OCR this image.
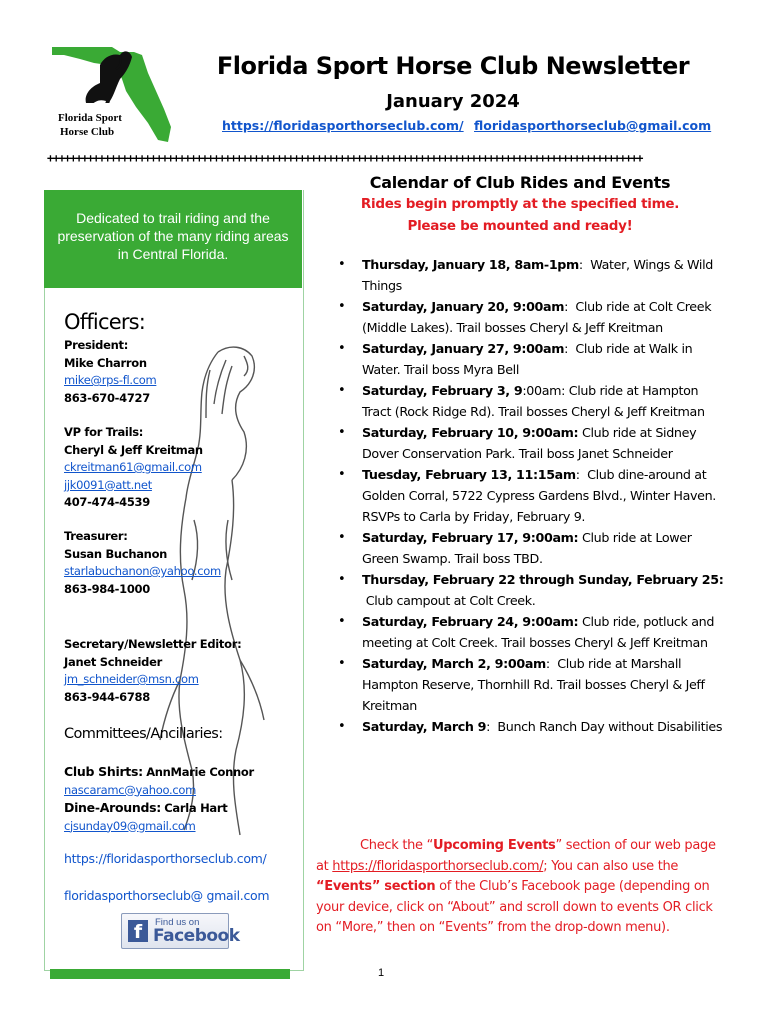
Florida Sport
Horse Club
Florida Sport Horse Club Newsletter
January 2024
https://floridasporthorseclub.com/ floridasporthorseclub@gmail.com
++++++++++++++++++++++++++++++++++++++++++++++++++++++++++++++++++++++++++++++++++++++++++++++++++++++++
Dedicated to trail riding and the preservation of the many riding areas in Central Florida.
Officers:
President:
Mike Charron
mike@rps-fl.com
863-670-4727
VP for Trails:
Cheryl & Jeff Kreitman
ckreitman61@gmail.com
jjk0091@att.net
407-474-4539
Treasurer:
Susan Buchanon
starlabuchanon@yahoo.com
863-984-1000
Secretary/Newsletter Editor:
Janet Schneider
jm_schneider@msn.com
863-944-6788
Committees/Ancillaries:
Club Shirts: AnnMarie Connor
nascaramc@yahoo.com
Dine-Arounds: Carla Hart
cjsunday09@gmail.com
https://floridasporthorseclub.com/
floridasporthorseclub@ gmail.com
f	Find us on
Facebook
Calendar of Club Rides and Events
Rides begin promptly at the specified time.
Please be mounted and ready!
• Thursday, January 18, 8am-1pm:  Water, Wings & Wild Things
• Saturday, January 20, 9:00am:  Club ride at Colt Creek (Middle Lakes). Trail bosses Cheryl & Jeff Kreitman
• Saturday, January 27, 9:00am:  Club ride at Walk in Water. Trail boss Myra Bell
• Saturday, February 3, 9:00am: Club ride at Hampton Tract (Rock Ridge Rd). Trail bosses Cheryl & Jeff Kreitman
• Saturday, February 10, 9:00am: Club ride at Sidney Dover Conservation Park. Trail boss Janet Schneider
• Tuesday, February 13, 11:15am:  Club dine-around at Golden Corral, 5722 Cypress Gardens Blvd., Winter Haven. RSVPs to Carla by Friday, February 9.
• Saturday, February 17, 9:00am: Club ride at Lower Green Swamp. Trail boss TBD.
• Thursday, February 22 through Sunday, February 25: Club campout at Colt Creek.
• Saturday, February 24, 9:00am: Club ride, potluck and meeting at Colt Creek. Trail bosses Cheryl & Jeff Kreitman
• Saturday, March 2, 9:00am:  Club ride at Marshall Hampton Reserve, Thornhill Rd. Trail bosses Cheryl & Jeff Kreitman
• Saturday, March 9:  Bunch Ranch Day without Disabilities
Check the “Upcoming Events” section of our web page at https://floridasporthorseclub.com/; You can also use the “Events” section of the Club’s Facebook page (depending on your device, click on “About” and scroll down to events OR click on “More,” then on “Events” from the drop-down menu).
1
